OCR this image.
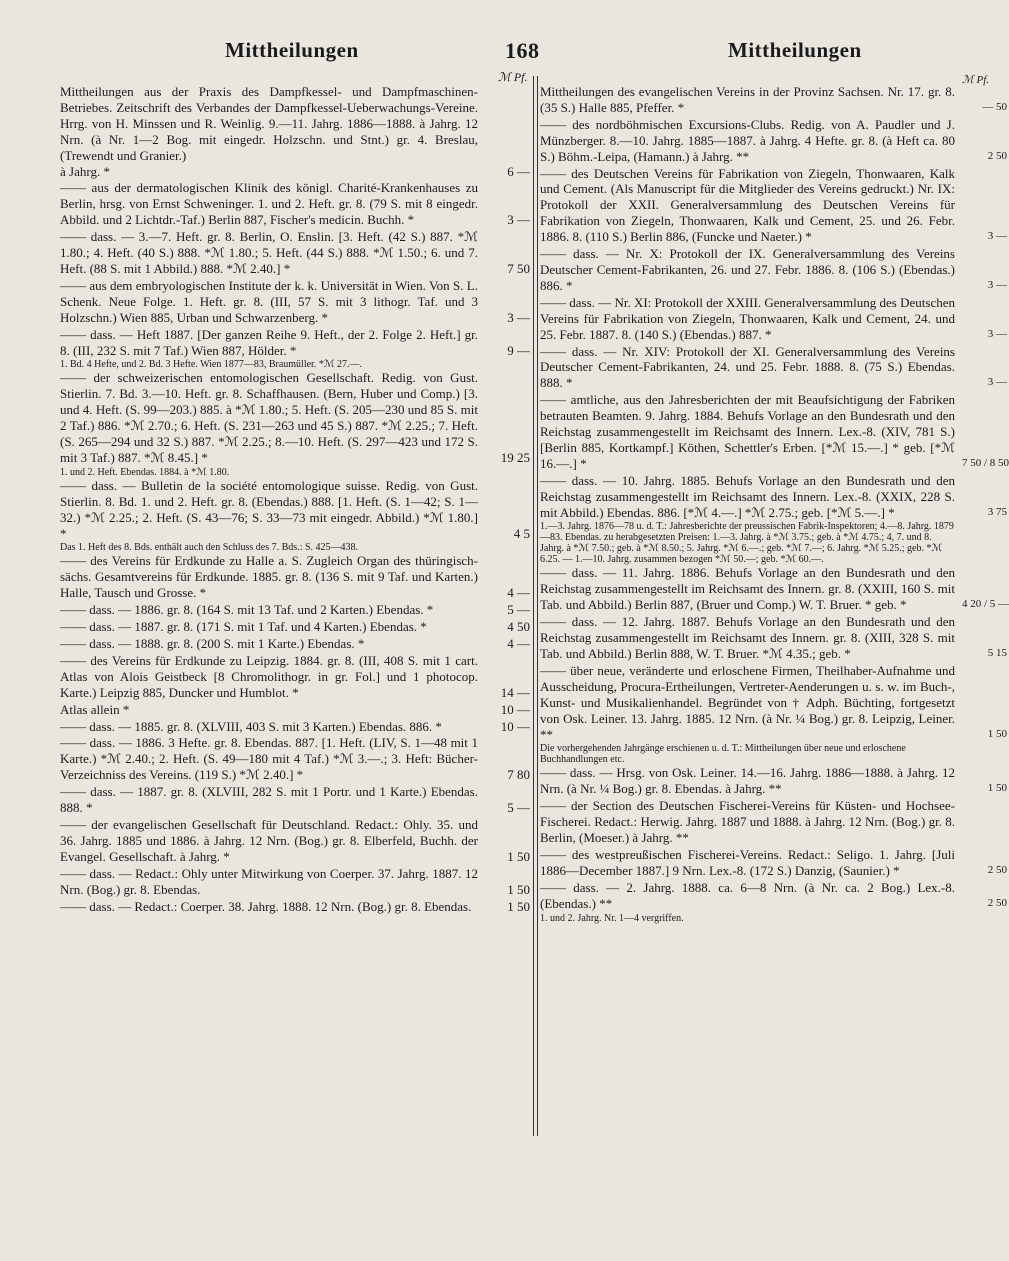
Mittheilungen	168	Mittheilungen
ℳ Pf.	ℳ Pf.
Mittheilungen aus der Praxis des Dampfkessel- und Dampfmaschinen-Betriebes. Zeitschrift des Verbandes der Dampfkessel-Ueberwachungs-Vereine. Hrrg. von H. Minssen und R. Weinlig. 9.—11. Jahrg. 1886—1888. à Jahrg. 12 Nrn. (à Nr. 1—2 Bog. mit eingedr. Holzschn. und Stnt.) gr. 4. Breslau, (Trewendt und Granier.)
à Jahrg. *	6 —
—— aus der dermatologischen Klinik des königl. Charité-Krankenhauses zu Berlin, hrsg. von Ernst Schweninger. 1. und 2. Heft. gr. 8. (79 S. mit 8 eingedr. Abbild. und 2 Lichtdr.-Taf.) Berlin 887, Fischer's medicin. Buchh. *	3 —
—— dass. — 3.—7. Heft. gr. 8. Berlin, O. Enslin. [3. Heft. (42 S.) 887. *ℳ 1.80.; 4. Heft. (40 S.) 888. *ℳ 1.80.; 5. Heft. (44 S.) 888. *ℳ 1.50.; 6. und 7. Heft. (88 S. mit 1 Abbild.) 888. *ℳ 2.40.] *	7 50
—— aus dem embryologischen Institute der k. k. Universität in Wien. Von S. L. Schenk. Neue Folge. 1. Heft. gr. 8. (III, 57 S. mit 3 lithogr. Taf. und 3 Holzschn.) Wien 885, Urban und Schwarzenberg. *	3 —
—— dass. — Heft 1887. [Der ganzen Reihe 9. Heft., der 2. Folge 2. Heft.] gr. 8. (III, 232 S. mit 7 Taf.) Wien 887, Hölder. *	9 —
1. Bd. 4 Hefte, und 2. Bd. 3 Hefte. Wien 1877—83, Braumüller. *ℳ 27.—.
—— der schweizerischen entomologischen Gesellschaft. Redig. von Gust. Stierlin. 7. Bd. 3.—10. Heft. gr. 8. Schaffhausen. (Bern, Huber und Comp.) [3. und 4. Heft. (S. 99—203.) 885. à *ℳ 1.80.; 5. Heft. (S. 205—230 und 85 S. mit 2 Taf.) 886. *ℳ 2.70.; 6. Heft. (S. 231—263 und 45 S.) 887. *ℳ 2.25.; 7. Heft. (S. 265—294 und 32 S.) 887. *ℳ 2.25.; 8.—10. Heft. (S. 297—423 und 172 S. mit 3 Taf.) 887. *ℳ 8.45.] *	19 25
1. und 2. Heft. Ebendas. 1884. à *ℳ 1.80.
—— dass. — Bulletin de la société entomologique suisse. Redig. von Gust. Stierlin. 8. Bd. 1. und 2. Heft. gr. 8. (Ebendas.) 888. [1. Heft. (S. 1—42; S. 1—32.) *ℳ 2.25.; 2. Heft. (S. 43—76; S. 33—73 mit eingedr. Abbild.) *ℳ 1.80.] *	4 5
Das 1. Heft des 8. Bds. enthält auch den Schluss des 7. Bds.: S. 425—438.
—— des Vereins für Erdkunde zu Halle a. S. Zugleich Organ des thüringisch-sächs. Gesamtvereins für Erdkunde. 1885. gr. 8. (136 S. mit 9 Taf. und Karten.) Halle, Tausch und Grosse. *	4 —
—— dass. — 1886. gr. 8. (164 S. mit 13 Taf. und 2 Karten.) Ebendas. *	5 —
—— dass. — 1887. gr. 8. (171 S. mit 1 Taf. und 4 Karten.) Ebendas. *	4 50
—— dass. — 1888. gr. 8. (200 S. mit 1 Karte.) Ebendas. *	4 —
—— des Vereins für Erdkunde zu Leipzig. 1884. gr. 8. (III, 408 S. mit 1 cart. Atlas von Alois Geistbeck [8 Chromolithogr. in gr. Fol.] und 1 photocop. Karte.) Leipzig 885, Duncker und Humblot. *	14 —
Atlas allein *	10 —
—— dass. — 1885. gr. 8. (XLVIII, 403 S. mit 3 Karten.) Ebendas. 886. *	10 —
—— dass. — 1886. 3 Hefte. gr. 8. Ebendas. 887. [1. Heft. (LIV, S. 1—48 mit 1 Karte.) *ℳ 2.40.; 2. Heft. (S. 49—180 mit 4 Taf.) *ℳ 3.—.; 3. Heft: Bücher-Verzeichniss des Vereins. (119 S.) *ℳ 2.40.] *	7 80
—— dass. — 1887. gr. 8. (XLVIII, 282 S. mit 1 Portr. und 1 Karte.) Ebendas. 888. *	5 —
—— der evangelischen Gesellschaft für Deutschland. Redact.: Ohly. 35. und 36. Jahrg. 1885 und 1886. à Jahrg. 12 Nrn. (Bog.) gr. 8. Elberfeld, Buchh. der Evangel. Gesellschaft. à Jahrg. *	1 50
—— dass. — Redact.: Ohly unter Mitwirkung von Coerper. 37. Jahrg. 1887. 12 Nrn. (Bog.) gr. 8. Ebendas.	1 50
—— dass. — Redact.: Coerper. 38. Jahrg. 1888. 12 Nrn. (Bog.) gr. 8. Ebendas.	1 50
Mittheilungen des evangelischen Vereins in der Provinz Sachsen. Nr. 17. gr. 8. (35 S.) Halle 885, Pfeffer. *	— 50
—— des nordböhmischen Excursions-Clubs. Redig. von A. Paudler und J. Münzberger. 8.—10. Jahrg. 1885—1887. à Jahrg. 4 Hefte. gr. 8. (à Heft ca. 80 S.) Böhm.-Leipa, (Hamann.) à Jahrg. **	2 50
—— des Deutschen Vereins für Fabrikation von Ziegeln, Thonwaaren, Kalk und Cement. (Als Manuscript für die Mitglieder des Vereins gedruckt.) Nr. IX: Protokoll der XXII. Generalversammlung des Deutschen Vereins für Fabrikation von Ziegeln, Thonwaaren, Kalk und Cement, 25. und 26. Febr. 1886. 8. (110 S.) Berlin 886, (Funcke und Naeter.) *	3 —
—— dass. — Nr. X: Protokoll der IX. Generalversammlung des Vereins Deutscher Cement-Fabrikanten, 26. und 27. Febr. 1886. 8. (106 S.) (Ebendas.) 886. *	3 —
—— dass. — Nr. XI: Protokoll der XXIII. Generalversammlung des Deutschen Vereins für Fabrikation von Ziegeln, Thonwaaren, Kalk und Cement, 24. und 25. Febr. 1887. 8. (140 S.) (Ebendas.) 887. *	3 —
—— dass. — Nr. XIV: Protokoll der XI. Generalversammlung des Vereins Deutscher Cement-Fabrikanten, 24. und 25. Febr. 1888. 8. (75 S.) Ebendas. 888. *	3 —
—— amtliche, aus den Jahresberichten der mit Beaufsichtigung der Fabriken betrauten Beamten. 9. Jahrg. 1884. Behufs Vorlage an den Bundesrath und den Reichstag zusammengestellt im Reichsamt des Innern. Lex.-8. (XIV, 781 S.) [Berlin 885, Kortkampf.] Köthen, Schettler's Erben. [*ℳ 15.—.] * geb. [*ℳ 16.—.] *	7 50 / 8 50
—— dass. — 10. Jahrg. 1885. Behufs Vorlage an den Bundesrath und den Reichstag zusammengestellt im Reichsamt des Innern. Lex.-8. (XXIX, 228 S. mit Abbild.) Ebendas. 886. [*ℳ 4.—.] *ℳ 2.75.; geb. [*ℳ 5.—.] *	3 75
1.—3. Jahrg. 1876—78 u. d. T.: Jahresberichte der preussischen Fabrik-Inspektoren; 4.—8. Jahrg. 1879—83. Ebendas. zu herabgesetzten Preisen: 1.—3. Jahrg. à *ℳ 3.75.; geb. à *ℳ 4.75.; 4, 7. und 8. Jahrg. à *ℳ 7.50.; geb. à *ℳ 8.50.; 5. Jahrg. *ℳ 6.—.; geb. *ℳ 7.—; 6. Jahrg. *ℳ 5.25.; geb. *ℳ 6.25. — 1.—10. Jahrg. zusammen bezogen *ℳ 50.—; geb. *ℳ 60.—.
—— dass. — 11. Jahrg. 1886. Behufs Vorlage an den Bundesrath und den Reichstag zusammengestellt im Reichsamt des Innern. gr. 8. (XXIII, 160 S. mit Tab. und Abbild.) Berlin 887, (Bruer und Comp.) W. T. Bruer. * geb. *	4 20 / 5 —
—— dass. — 12. Jahrg. 1887. Behufs Vorlage an den Bundesrath und den Reichstag zusammengestellt im Reichsamt des Innern. gr. 8. (XIII, 328 S. mit Tab. und Abbild.) Berlin 888, W. T. Bruer. *ℳ 4.35.; geb. *	5 15
—— über neue, veränderte und erloschene Firmen, Theilhaber-Aufnahme und Ausscheidung, Procura-Ertheilungen, Vertreter-Aenderungen u. s. w. im Buch-, Kunst- und Musikalienhandel. Begründet von † Adph. Büchting, fortgesetzt von Osk. Leiner. 13. Jahrg. 1885. 12 Nrn. (à Nr. ¼ Bog.) gr. 8. Leipzig, Leiner. **	1 50
Die vorhergehenden Jahrgänge erschienen u. d. T.: Mittheilungen über neue und erloschene Buchhandlungen etc.
—— dass. — Hrsg. von Osk. Leiner. 14.—16. Jahrg. 1886—1888. à Jahrg. 12 Nrn. (à Nr. ¼ Bog.) gr. 8. Ebendas. à Jahrg. **	1 50
—— der Section des Deutschen Fischerei-Vereins für Küsten- und Hochsee-Fischerei. Redact.: Herwig. Jahrg. 1887 und 1888. à Jahrg. 12 Nrn. (Bog.) gr. 8. Berlin, (Moeser.) à Jahrg. **
—— des westpreußischen Fischerei-Vereins. Redact.: Seligo. 1. Jahrg. [Juli 1886—December 1887.] 9 Nrn. Lex.-8. (172 S.) Danzig, (Saunier.) *	2 50
—— dass. — 2. Jahrg. 1888. ca. 6—8 Nrn. (à Nr. ca. 2 Bog.) Lex.-8. (Ebendas.) **	2 50
1. und 2. Jahrg. Nr. 1—4 vergriffen.
